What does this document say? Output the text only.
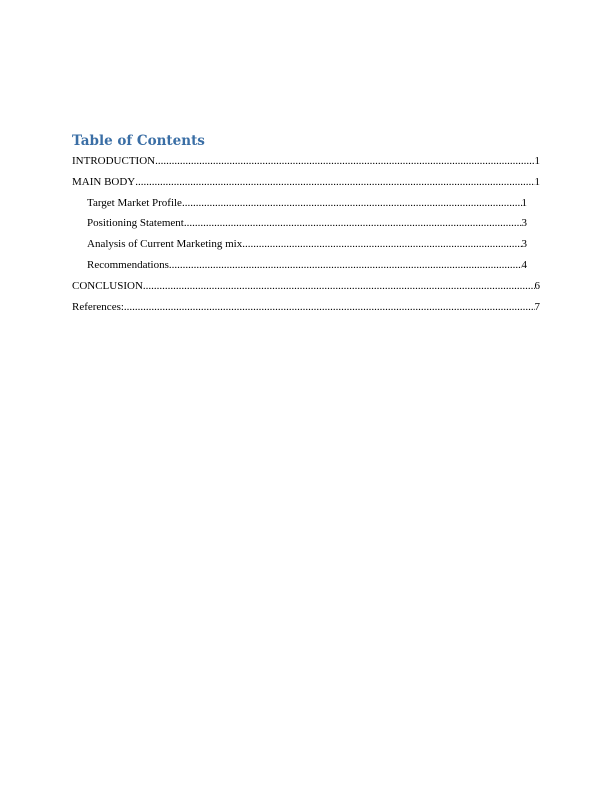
Table of Contents
INTRODUCTION .....	1
MAIN BODY .....	1
Target Market Profile .....	1
Positioning Statement .....	3
Analysis of Current Marketing mix .....	3
Recommendations .....	4
CONCLUSION .....	6
References: .....	7
